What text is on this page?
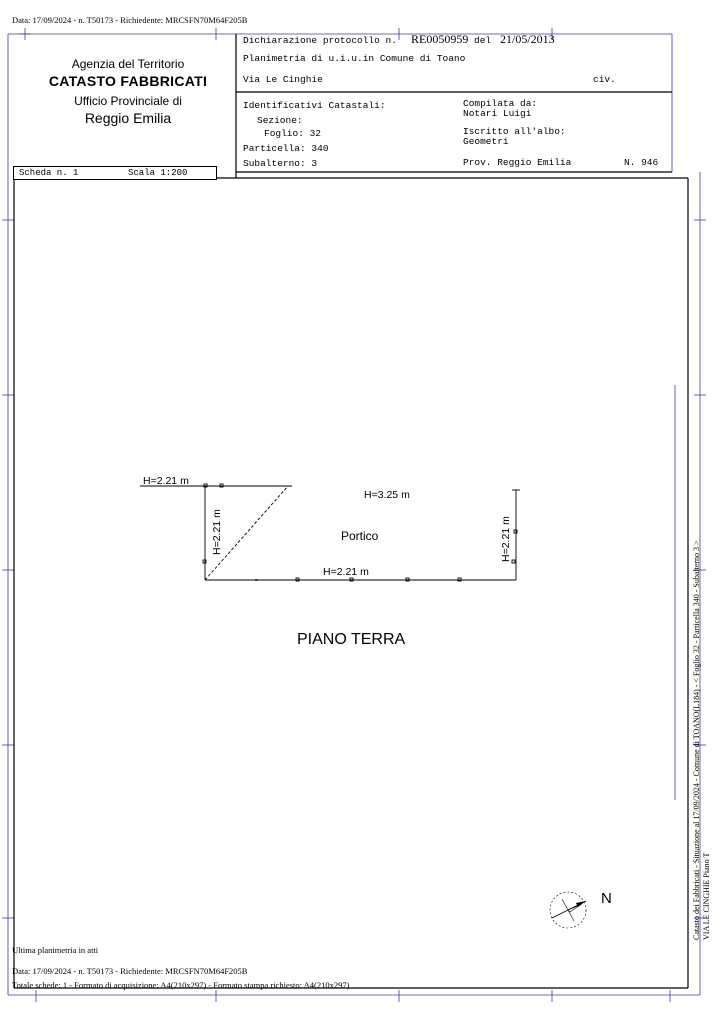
Data: 17/09/2024 - n. T50173 - Richiedente: MRCSFN70M64F205B
Agenzia del Territorio
CATASTO FABBRICATI
Ufficio Provinciale di
Reggio Emilia
Dichiarazione protocollo n. RE0050959 del 21/05/2013
Planimetria di u.i.u.in Comune di Toano
Via Le Cinghie	civ.
Identificativi Catastali:
Sezione:
Foglio: 32
Particella: 340
Subalterno: 3
Compilata da:
Notari Luigi
Iscritto all'albo:
Geometri
Prov. Reggio Emilia	N. 946
Scheda n. 1	Scala 1:200
H=2.21 m
H=3.25 m
H=2.21 m	H=2.21 m
Portico
H=2.21 m
PIANO TERRA
N	Catasto dei Fabbricati - Situazione al 17/09/2024 - Comune di TOANO(L184) - < Foglio 32 - Particella 340 - Subalterno 3 > VIA LE CINGHIE Piano T
Ultima planimetria in atti
Data: 17/09/2024 - n. T50173 - Richiedente: MRCSFN70M64F205B
Totale schede: 1 - Formato di acquisizione: A4(210x297) - Formato stampa richiesto: A4(210x297)
